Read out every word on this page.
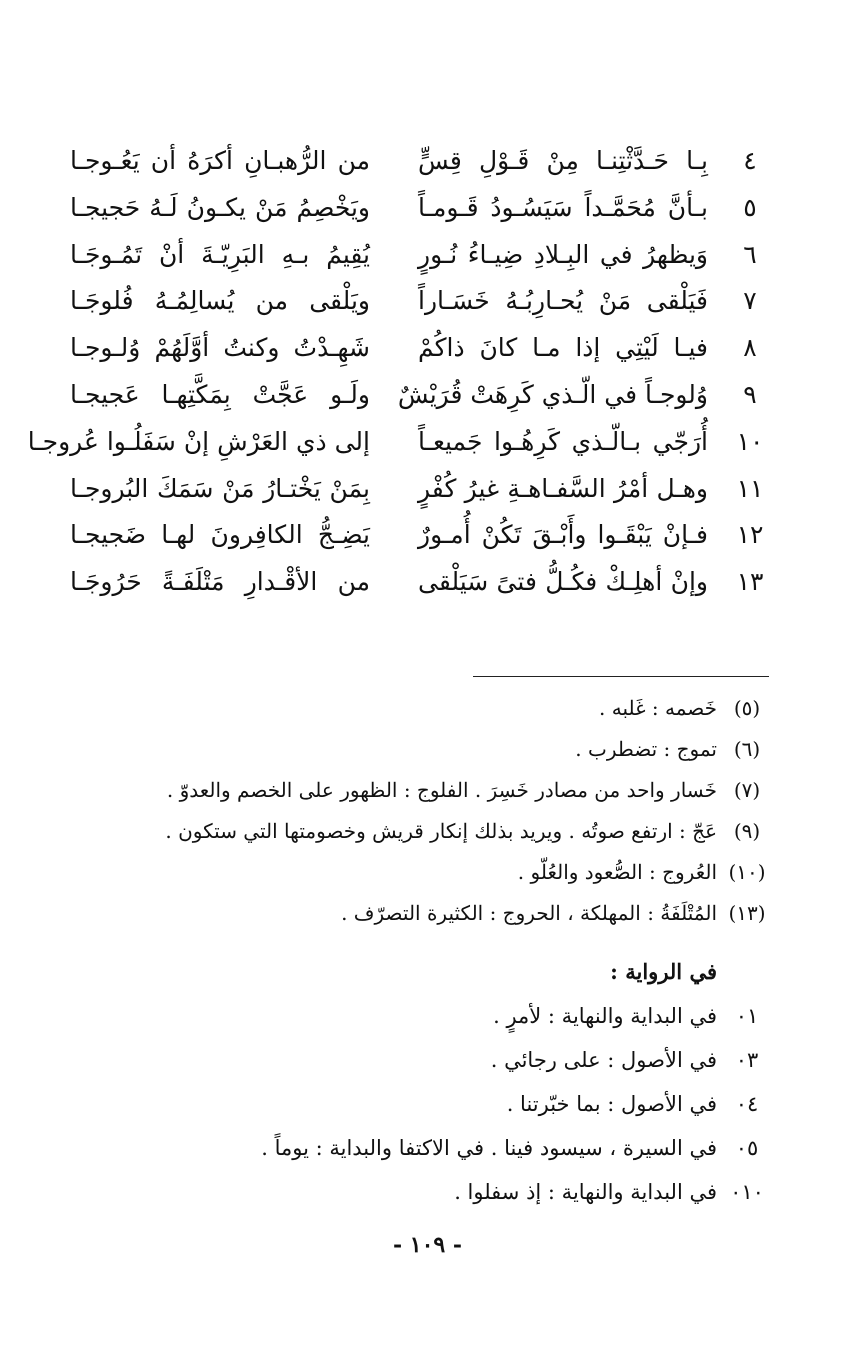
٤
بِـا حَـدَّثْتِنـا مِنْ قَـوْلِ قِسٍّ
من الرُّهبـانِ أكرَهُ أن يَعُـوجـا
٥
بـأنَّ مُحَمَّـداً سَيَسُـودُ قَـومـاً
ويَخْصِمُ مَنْ يكـونُ لَـهُ حَجيجـا
٦
وَيظهرُ في البِـلادِ ضِيـاءُ نُـورٍ
يُقِيمُ بـهِ البَرِيّـةَ أنْ تَمُـوجَـا
٧
فَيَلْقى مَنْ يُحـارِبُـهُ خَسَـاراً
ويَلْقى من يُسالِمُـهُ فُلوجَـا
٨
فيـا لَيْتِي إذا مـا كانَ ذاكُمْ
شَهِـدْتُ وكنتُ أوَّلَهُمْ وُلـوجـا
٩
وُلوجـاً في الّـذي كَرِهَتْ قُرَيْشٌ
ولَـو عَجَّتْ بِمَكَّتِهـا عَجيجـا
١٠
أُرَجّي بـالّـذي كَرِهُـوا جَميعـاً
إلى ذي العَرْشِ إنْ سَفَلُـوا عُروجـا
١١
وهـل أمْرُ السَّفـاهـةِ غيرُ كُفْرٍ
بِمَنْ يَخْتـارُ مَنْ سَمَكَ البُروجـا
١٢
فـإنْ يَبْقَـوا وأَبْـقَ تَكُنْ أُمـورٌ
يَضِـجُّ الكافِرونَ لهـا ضَجيجـا
١٣
وإنْ أهلِـكْ فكُـلُّ فتىً سَيَلْقى
من الأقْـدارِ مَتْلَفَـةً حَرُوجَـا
(٥)
خَصمه : غَلبه .
(٦)
تموج : تضطرب .
(٧)
خَسار واحد من مصادر خَسِرَ . الفلوج : الظهور على الخصم والعدوّ .
(٩)
عَجّ : ارتفع صوتُه . ويريد بذلك إنكار قريش وخصومتها التي ستكون .
(١٠)
العُروج : الصُّعود والعُلّو .
(١٣)
المُتْلَفَةُ : المهلكة ، الحروج : الكثيرة التصرّف .
في الرواية :
٠١
في البداية والنهاية : لأمرٍ .
٠٣
في الأصول : على رجائي .
٠٤
في الأصول : بما خبّرتنا .
٠٥
في السيرة ، سيسود فينا . في الاكتفا والبداية : يوماً .
٠١٠
في البداية والنهاية : إذ سفلوا .
- ١٠٩ -
